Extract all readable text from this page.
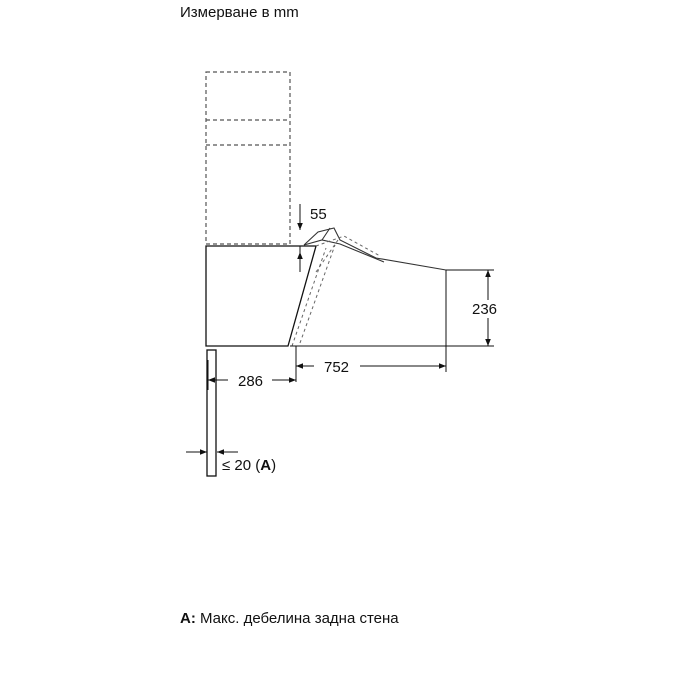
Измерване в mm
55
236
752
286
≤ 20 (A)
A: Макс. дебелина задна стена
